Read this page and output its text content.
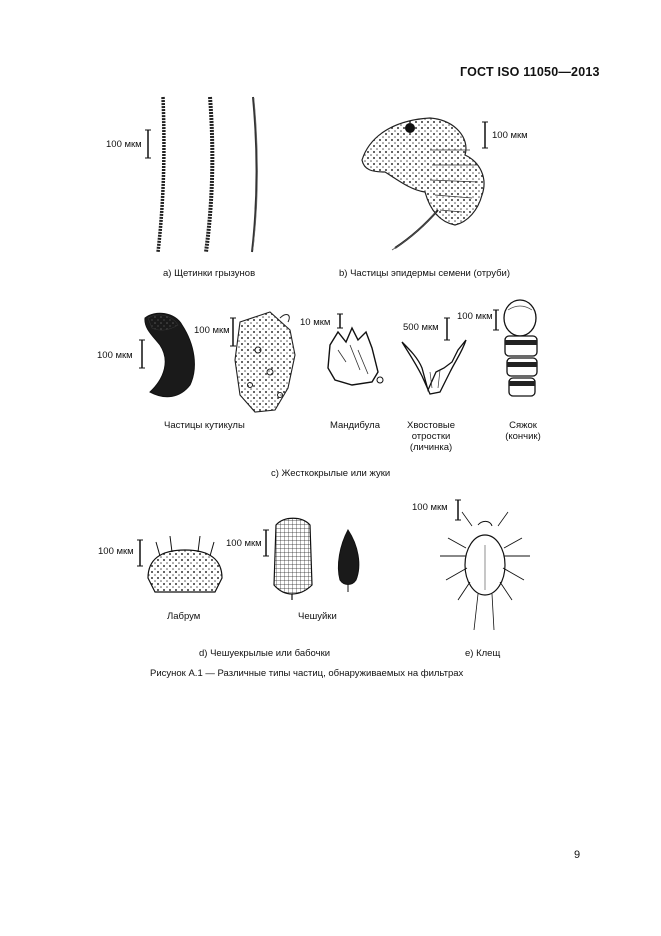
ГОСТ ISO 11050—2013
100 мкм
100 мкм
100 мкм
100 мкм
10 мкм	500 мкм
100 мкм
100 мкм
100 мкм
100 мкм
a) Щетинки грызунов	b) Частицы эпидермы семени (отруби)
Частицы кутикулы	Мандибула	Хвостовые
отростки
(личинка)
Сяжок
(кончик)
c) Жесткокрылые или жуки
Лабрум	Чешуйки
d) Чешуекрылые или бабочки	e) Клещ
Рисунок А.1 — Различные типы частиц, обнаруживаемых на фильтрах
9
